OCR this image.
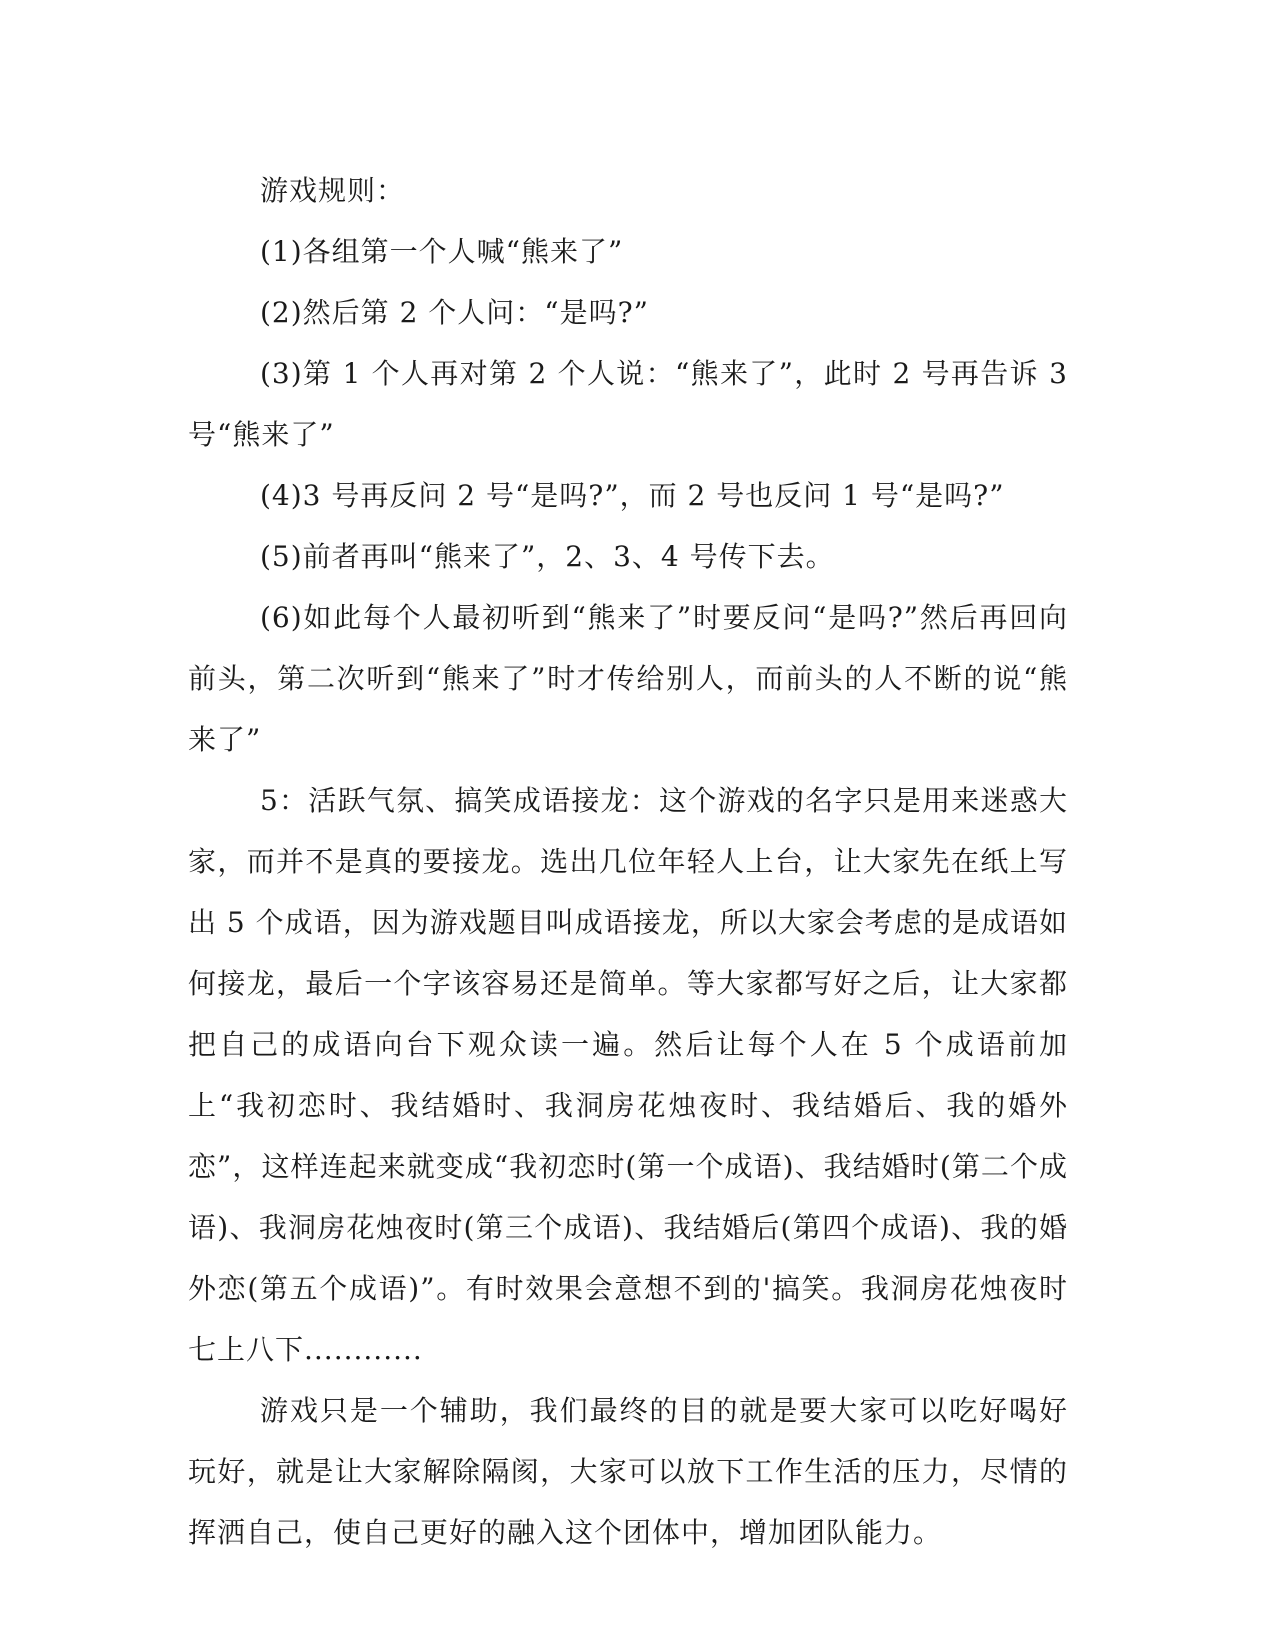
游戏规则：

(1)各组第一个人喊“熊来了”

(2)然后第 2 个人问：“是吗?”

(3)第 1 个人再对第 2 个人说：“熊来了”，此时 2 号再告诉 3 号“熊来了”

(4)3 号再反问 2 号“是吗?”，而 2 号也反问 1 号“是吗?”

(5)前者再叫“熊来了”，2、3、4 号传下去。

(6)如此每个人最初听到“熊来了”时要反问“是吗?”然后再回向前头，第二次听到“熊来了”时才传给别人，而前头的人不断的说“熊来了”

5：活跃气氛、搞笑成语接龙：这个游戏的名字只是用来迷惑大家，而并不是真的要接龙。选出几位年轻人上台，让大家先在纸上写出 5 个成语，因为游戏题目叫成语接龙，所以大家会考虑的是成语如何接龙，最后一个字该容易还是简单。等大家都写好之后，让大家都把自己的成语向台下观众读一遍。然后让每个人在 5 个成语前加上“我初恋时、我结婚时、我洞房花烛夜时、我结婚后、我的婚外恋”，这样连起来就变成“我初恋时(第一个成语)、我结婚时(第二个成语)、我洞房花烛夜时(第三个成语)、我结婚后(第四个成语)、我的婚外恋(第五个成语)”。有时效果会意想不到的'搞笑。我洞房花烛夜时七上八下............

游戏只是一个辅助，我们最终的目的就是要大家可以吃好喝好玩好，就是让大家解除隔阂，大家可以放下工作生活的压力，尽情的挥洒自己，使自己更好的融入这个团体中，增加团队能力。
